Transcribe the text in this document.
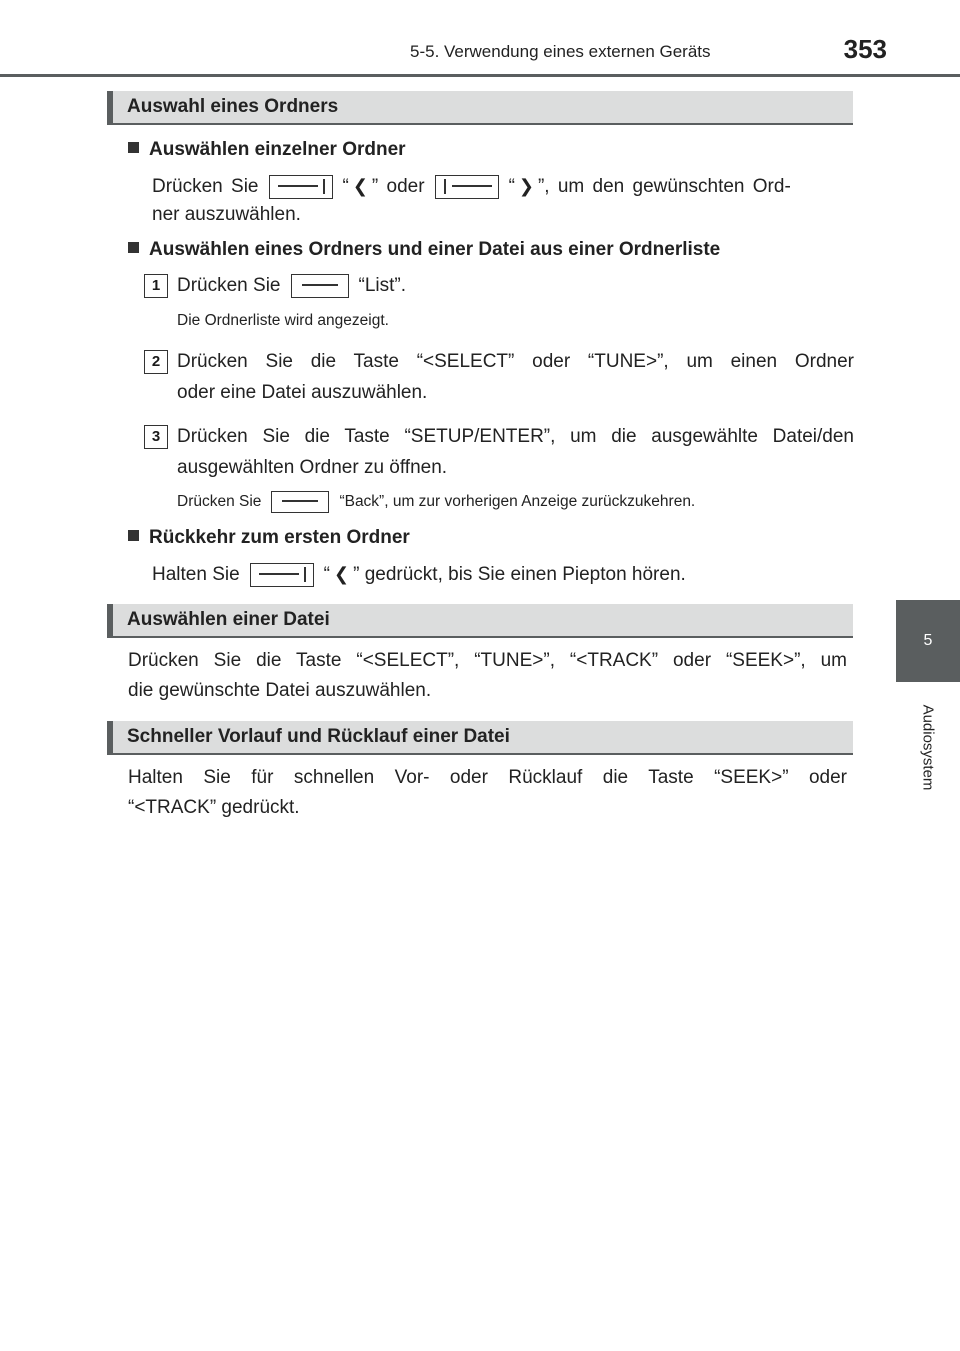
5-5. Verwendung eines externen Geräts	353
5
Audiosystem
Auswahl eines Ordners
Auswählen einzelner Ordner
Drücken Sie	“ ❮ ” oder	“ ❯ ”, um den gewünschten Ord-
ner auszuwählen.
Auswählen eines Ordners und einer Datei aus einer Ordnerliste
1 Drücken Sie	“List”.
Die Ordnerliste wird angezeigt.
2 Drücken Sie die Taste “<SELECT” oder “TUNE>”, um einen Ordner
oder eine Datei auszuwählen.
3 Drücken Sie die Taste “SETUP/ENTER”, um die ausgewählte Datei/den
ausgewählten Ordner zu öffnen.
Drücken Sie	“Back”, um zur vorherigen Anzeige zurückzukehren.
Rückkehr zum ersten Ordner
Halten Sie	“ ❮ ” gedrückt, bis Sie einen Piepton hören.
Auswählen einer Datei
Drücken Sie die Taste “<SELECT”, “TUNE>”, “<TRACK” oder “SEEK>”, um
die gewünschte Datei auszuwählen.
Schneller Vorlauf und Rücklauf einer Datei
Halten Sie für schnellen Vor- oder Rücklauf die Taste “SEEK>” oder
“<TRACK” gedrückt.
